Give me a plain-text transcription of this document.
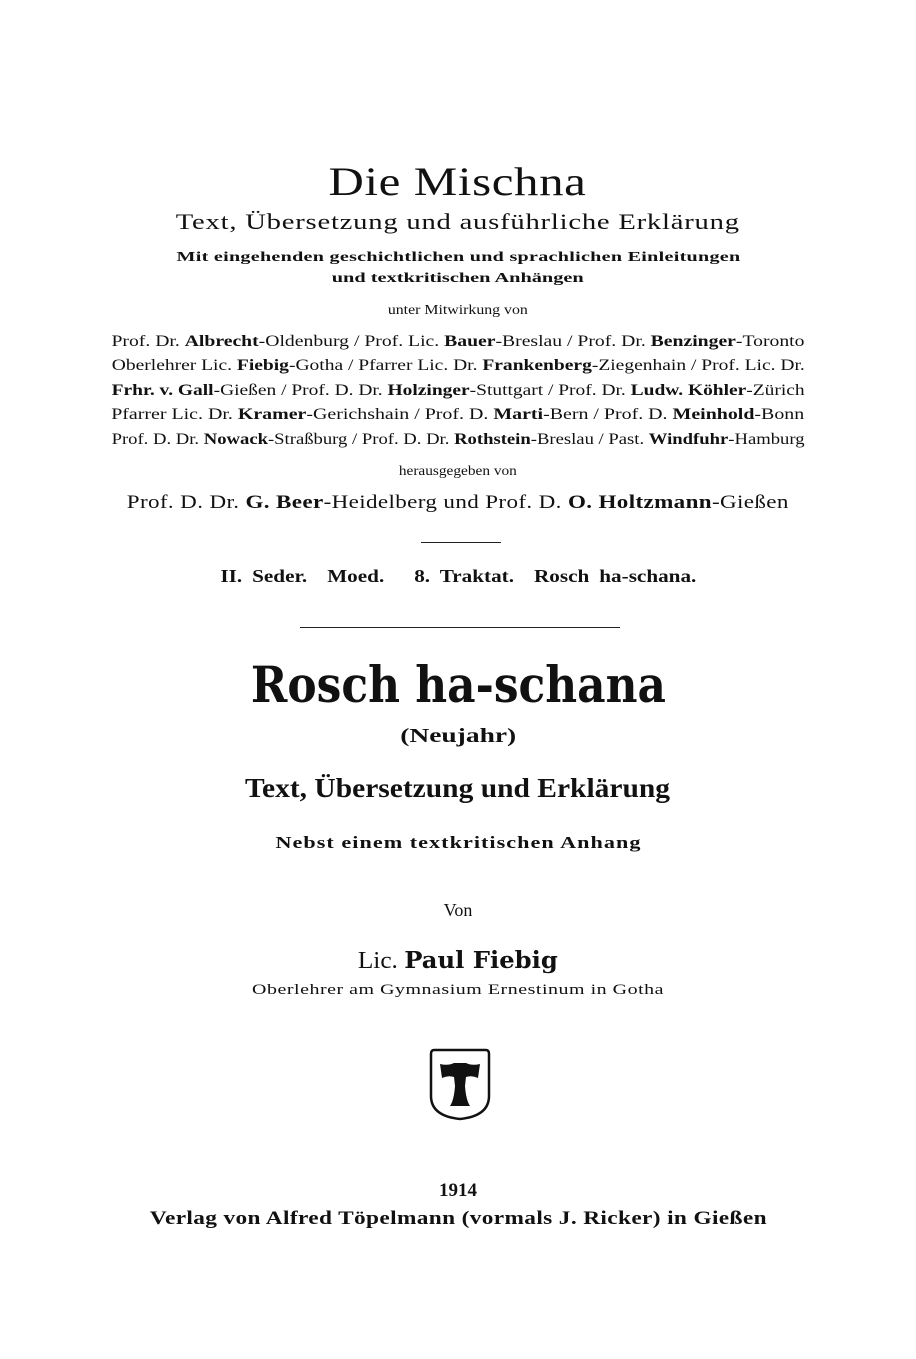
Die Mischna
Text, Übersetzung und ausführliche Erklärung
Mit eingehenden geschichtlichen und sprachlichen Einleitungen
und textkritischen Anhängen
unter Mitwirkung von
Prof. Dr. Albrecht-Oldenburg / Prof. Lic. Bauer-Breslau / Prof. Dr. Benzinger-Toronto
Oberlehrer Lic. Fiebig-Gotha / Pfarrer Lic. Dr. Frankenberg-Ziegenhain / Prof. Lic. Dr.
Frhr. v. Gall-Gießen / Prof. D. Dr. Holzinger-Stuttgart / Prof. Dr. Ludw. Köhler-Zürich
Pfarrer Lic. Dr. Kramer-Gerichshain / Prof. D. Marti-Bern / Prof. D. Meinhold-Bonn
Prof. D. Dr. Nowack-Straßburg / Prof. D. Dr. Rothstein-Breslau / Past. Windfuhr-Hamburg
herausgegeben von
Prof. D. Dr. G. Beer-Heidelberg und Prof. D. O. Holtzmann-Gießen
II. Seder.  Moed.   8. Traktat.  Rosch ha-schana.
Rosch ha-schana
(Neujahr)
Text, Übersetzung und Erklärung
Nebst einem textkritischen Anhang
Von
Lic. Paul Fiebig
Oberlehrer am Gymnasium Ernestinum in Gotha
1914
Verlag von Alfred Töpelmann (vormals J. Ricker) in Gießen
